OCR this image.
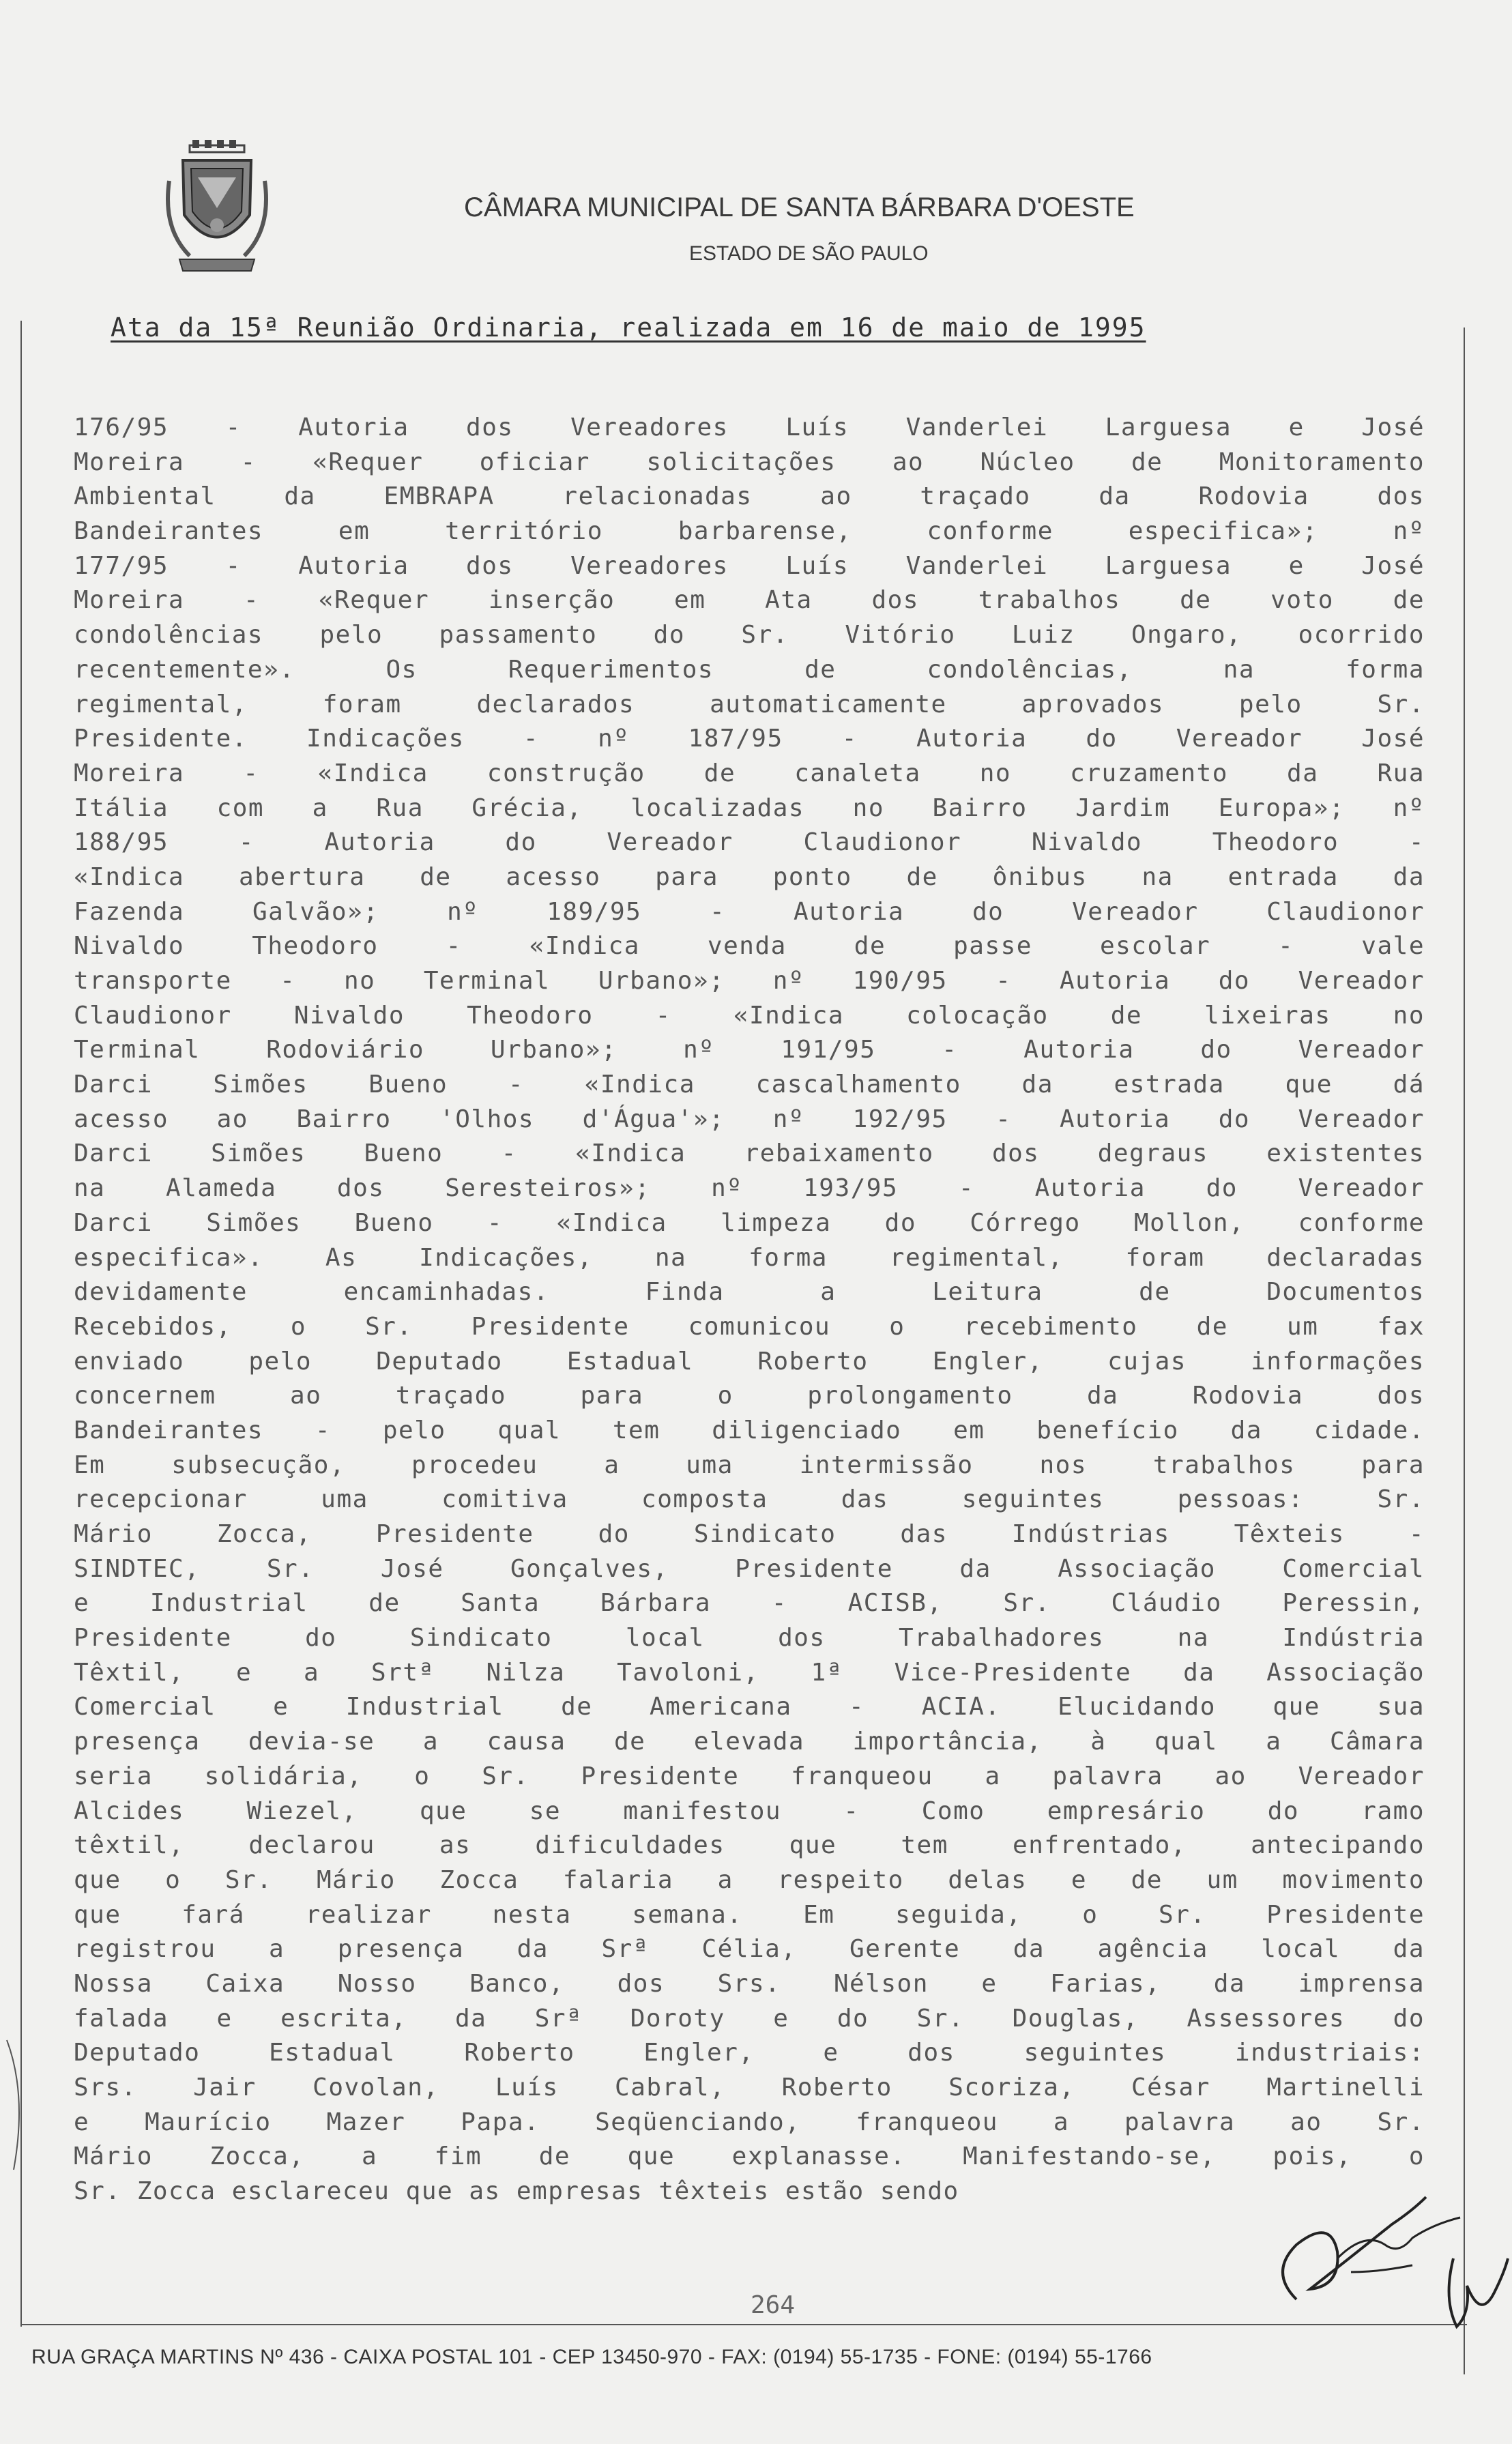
CÂMARA MUNICIPAL DE SANTA BÁRBARA D'OESTE
ESTADO DE SÃO PAULO
Ata da 15ª Reunião Ordinaria, realizada em 16 de maio de 1995
176/95 - Autoria dos Vereadores Luís Vanderlei Larguesa e José
Moreira - «Requer oficiar solicitações ao Núcleo de Monitoramento
Ambiental da EMBRAPA relacionadas ao traçado da Rodovia dos
Bandeirantes em território barbarense, conforme especifica»; nº
177/95 - Autoria dos Vereadores Luís Vanderlei Larguesa e José
Moreira - «Requer inserção em Ata dos trabalhos de voto de
condolências pelo passamento do Sr. Vitório Luiz Ongaro, ocorrido
recentemente». Os Requerimentos de condolências, na forma
regimental, foram declarados automaticamente aprovados pelo Sr.
Presidente. Indicações - nº 187/95 - Autoria do Vereador José
Moreira - «Indica construção de canaleta no cruzamento da Rua
Itália com a Rua Grécia, localizadas no Bairro Jardim Europa»; nº
188/95 - Autoria do Vereador Claudionor Nivaldo Theodoro -
«Indica abertura de acesso para ponto de ônibus na entrada da
Fazenda Galvão»; nº 189/95 - Autoria do Vereador Claudionor
Nivaldo Theodoro - «Indica venda de passe escolar - vale
transporte - no Terminal Urbano»; nº 190/95 - Autoria do Vereador
Claudionor Nivaldo Theodoro - «Indica colocação de lixeiras no
Terminal Rodoviário Urbano»; nº 191/95 - Autoria do Vereador
Darci Simões Bueno - «Indica cascalhamento da estrada que dá
acesso ao Bairro 'Olhos d'Água'»; nº 192/95 - Autoria do Vereador
Darci Simões Bueno - «Indica rebaixamento dos degraus existentes
na Alameda dos Seresteiros»; nº 193/95 - Autoria do Vereador
Darci Simões Bueno - «Indica limpeza do Córrego Mollon, conforme
especifica». As Indicações, na forma regimental, foram declaradas
devidamente encaminhadas. Finda a Leitura de Documentos
Recebidos, o Sr. Presidente comunicou o recebimento de um fax
enviado pelo Deputado Estadual Roberto Engler, cujas informações
concernem ao traçado para o prolongamento da Rodovia dos
Bandeirantes - pelo qual tem diligenciado em benefício da cidade.
Em subsecução, procedeu a uma intermissão nos trabalhos para
recepcionar uma comitiva composta das seguintes pessoas: Sr.
Mário Zocca, Presidente do Sindicato das Indústrias Têxteis -
SINDTEC, Sr. José Gonçalves, Presidente da Associação Comercial
e Industrial de Santa Bárbara - ACISB, Sr. Cláudio Peressin,
Presidente do Sindicato local dos Trabalhadores na Indústria
Têxtil, e a Srtª Nilza Tavoloni, 1ª Vice-Presidente da Associação
Comercial e Industrial de Americana - ACIA. Elucidando que sua
presença devia-se a causa de elevada importância, à qual a Câmara
seria solidária, o Sr. Presidente franqueou a palavra ao Vereador
Alcides Wiezel, que se manifestou - Como empresário do ramo
têxtil, declarou as dificuldades que tem enfrentado, antecipando
que o Sr. Mário Zocca falaria a respeito delas e de um movimento
que fará realizar nesta semana. Em seguida, o Sr. Presidente
registrou a presença da Srª Célia, Gerente da agência local da
Nossa Caixa Nosso Banco, dos Srs. Nélson e Farias, da imprensa
falada e escrita, da Srª Doroty e do Sr. Douglas, Assessores do
Deputado Estadual Roberto Engler, e dos seguintes industriais:
Srs. Jair Covolan, Luís Cabral, Roberto Scoriza, César Martinelli
e Maurício Mazer Papa. Seqüenciando, franqueou a palavra ao Sr.
Mário Zocca, a fim de que explanasse. Manifestando-se, pois, o
Sr. Zocca esclareceu que as empresas têxteis estão sendo
264
RUA GRAÇA MARTINS Nº 436 - CAIXA POSTAL 101 - CEP 13450-970 - FAX: (0194) 55-1735 - FONE: (0194) 55-1766
